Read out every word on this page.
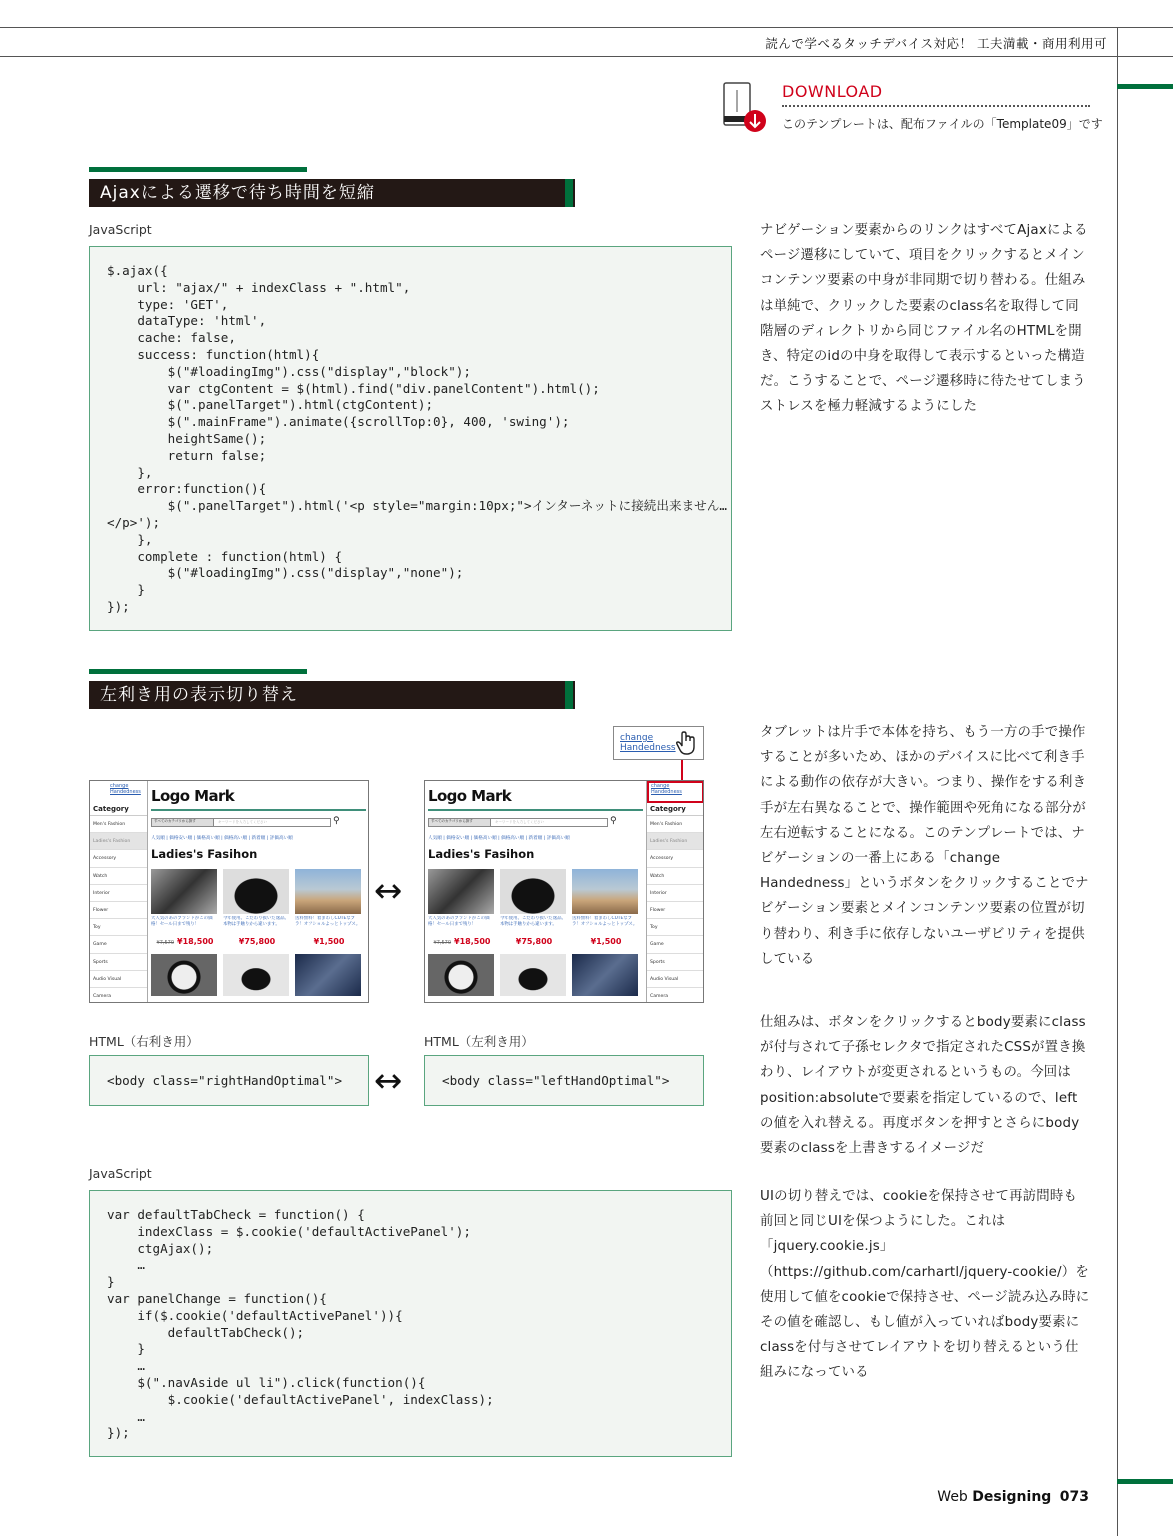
読んで学べるタッチデバイス対応！ 工夫満載・商用利用可
DOWNLOAD
このテンプレートは、配布ファイルの「Template09」です
Ajaxによる遷移で待ち時間を短縮
JavaScript
$.ajax({
url: "ajax/" + indexClass + ".html",
type: 'GET',
dataType: 'html',
cache: false,
success: function(html){
$("#loadingImg").css("display","block");
var ctgContent = $(html).find("div.panelContent").html();
$(".panelTarget").html(ctgContent);
$(".mainFrame").animate({scrollTop:0}, 400, 'swing');
heightSame();
return false;
},
error:function(){
$(".panelTarget").html('<p style="margin:10px;">インターネットに接続出来ません…
</p>');
},
complete : function(html) {
$("#loadingImg").css("display","none");
}
});

ナビゲーション要素からのリンクはすべてAjaxによるページ遷移にしていて、項目をクリックするとメインコンテンツ要素の中身が非同期で切り替わる。仕組みは単純で、クリックした要素のclass名を取得して同階層のディレクトリから同じファイル名のHTMLを開き、特定のidの中身を取得して表示するといった構造だ。こうすることで、ページ遷移時に待たせてしまうストレスを極力軽減するようにした

左利き用の表示切り替え
change
Handedness
change
Handedness
Category
Men's Fashion
Ladies's Fashion
Accessory
Watch
Interior
Flower
Toy
Game
Sports
Audio Visual
Camera
Logo Mark
すべてのカテゴリから探す	キーワードを入力してください	⚲
人気順 | 価格安い順 | 価格高い順 | 価格高い順 | 新着順 | 評価高い順
Ladies's Fasihon
大人気のあのブランドがこの価格！セール日まで残り！
¥7,570 ¥18,500
今年使用。こだわり抜いた逸品。本物は手触りから違います。
¥75,800
送料無料！着まわしCUTEなブラ！オフショルよっとトップス。
¥1,500
↔
Logo Mark
すべてのカテゴリから探す	キーワードを入力してください	⚲
人気順 | 価格安い順 | 価格高い順 | 価格高い順 | 新着順 | 評価高い順
Ladies's Fasihon
大人気のあのブランドがこの価格！セール日まで残り！
¥7,570 ¥18,500
今年使用。こだわり抜いた逸品。本物は手触りから違います。
¥75,800
送料無料！着まわしCUTEなブラ！オフショルよっとトップス。
¥1,500
change
Handedness
Category
Men's Fashion
Ladies's Fashion
Accessory
Watch
Interior
Flower
Toy
Game
Sports
Audio Visual
Camera
HTML（右利き用）	HTML（左利き用）
<body class="rightHandOptimal"> ↔	<body class="leftHandOptimal">
JavaScript
var defaultTabCheck = function() {
indexClass = $.cookie('defaultActivePanel');
ctgAjax();
…
}
var panelChange = function(){
if($.cookie('defaultActivePanel')){
defaultTabCheck();
}
…
$(".navAside ul li").click(function(){
$.cookie('defaultActivePanel', indexClass);
…
});

タブレットは片手で本体を持ち、もう一方の手で操作することが多いため、ほかのデバイスに比べて利き手による動作の依存が大きい。つまり、操作をする利き手が左右異なることで、操作範囲や死角になる部分が左右逆転することになる。このテンプレートでは、ナビゲーションの一番上にある「change Handedness」というボタンをクリックすることでナビゲーション要素とメインコンテンツ要素の位置が切り替わり、利き手に依存しないユーザビリティを提供している

仕組みは、ボタンをクリックするとbody要素にclassが付与されて子孫セレクタで指定されたCSSが置き換わり、レイアウトが変更されるというもの。今回はposition:absoluteで要素を指定しているので、leftの値を入れ替える。再度ボタンを押すとさらにbody要素のclassを上書きするイメージだ

UIの切り替えでは、cookieを保持させて再訪問時も前回と同じUIを保つようにした。これは「jquery.cookie.js」（https://github.com/carhartl/jquery-cookie/）を使用して値をcookieで保持させ、ページ読み込み時にその値を確認し、もし値が入っていればbody要素にclassを付与させてレイアウトを切り替えるという仕組みになっている

Web Designing 073
